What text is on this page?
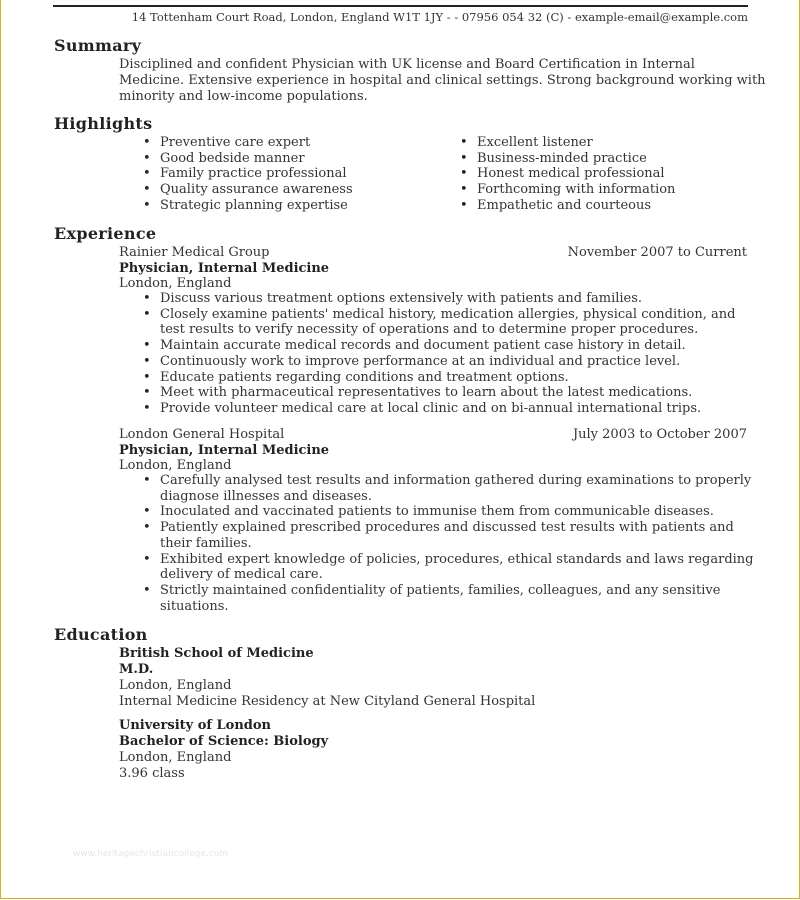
14 Tottenham Court Road, London, England W1T 1JY - - 07956 054 32 (C) - example-email@example.com
Summary
Disciplined and confident Physician with UK license and Board Certification in Internal
Medicine. Extensive experience in hospital and clinical settings. Strong background working with
minority and low-income populations.
Highlights
• Preventive care expert
• Good bedside manner
• Family practice professional
• Quality assurance awareness
• Strategic planning expertise
• Excellent listener
• Business-minded practice
• Honest medical professional
• Forthcoming with information
• Empathetic and courteous
Experience
Rainier Medical Group	November 2007 to Current
Physician, Internal Medicine
London, England
• Discuss various treatment options extensively with patients and families.
• Closely examine patients' medical history, medication allergies, physical condition, and
test results to verify necessity of operations and to determine proper procedures.
• Maintain accurate medical records and document patient case history in detail.
• Continuously work to improve performance at an individual and practice level.
• Educate patients regarding conditions and treatment options.
• Meet with pharmaceutical representatives to learn about the latest medications.
• Provide volunteer medical care at local clinic and on bi-annual international trips.
London General Hospital	July 2003 to October 2007
Physician, Internal Medicine
London, England
• Carefully analysed test results and information gathered during examinations to properly
diagnose illnesses and diseases.
• Inoculated and vaccinated patients to immunise them from communicable diseases.
• Patiently explained prescribed procedures and discussed test results with patients and
their families.
• Exhibited expert knowledge of policies, procedures, ethical standards and laws regarding
delivery of medical care.
• Strictly maintained confidentiality of patients, families, colleagues, and any sensitive
situations.
Education
British School of Medicine
M.D.
London, England
Internal Medicine Residency at New Cityland General Hospital
University of London
Bachelor of Science: Biology
London, England
3.96 class
www.heritagechristiancollege.com
